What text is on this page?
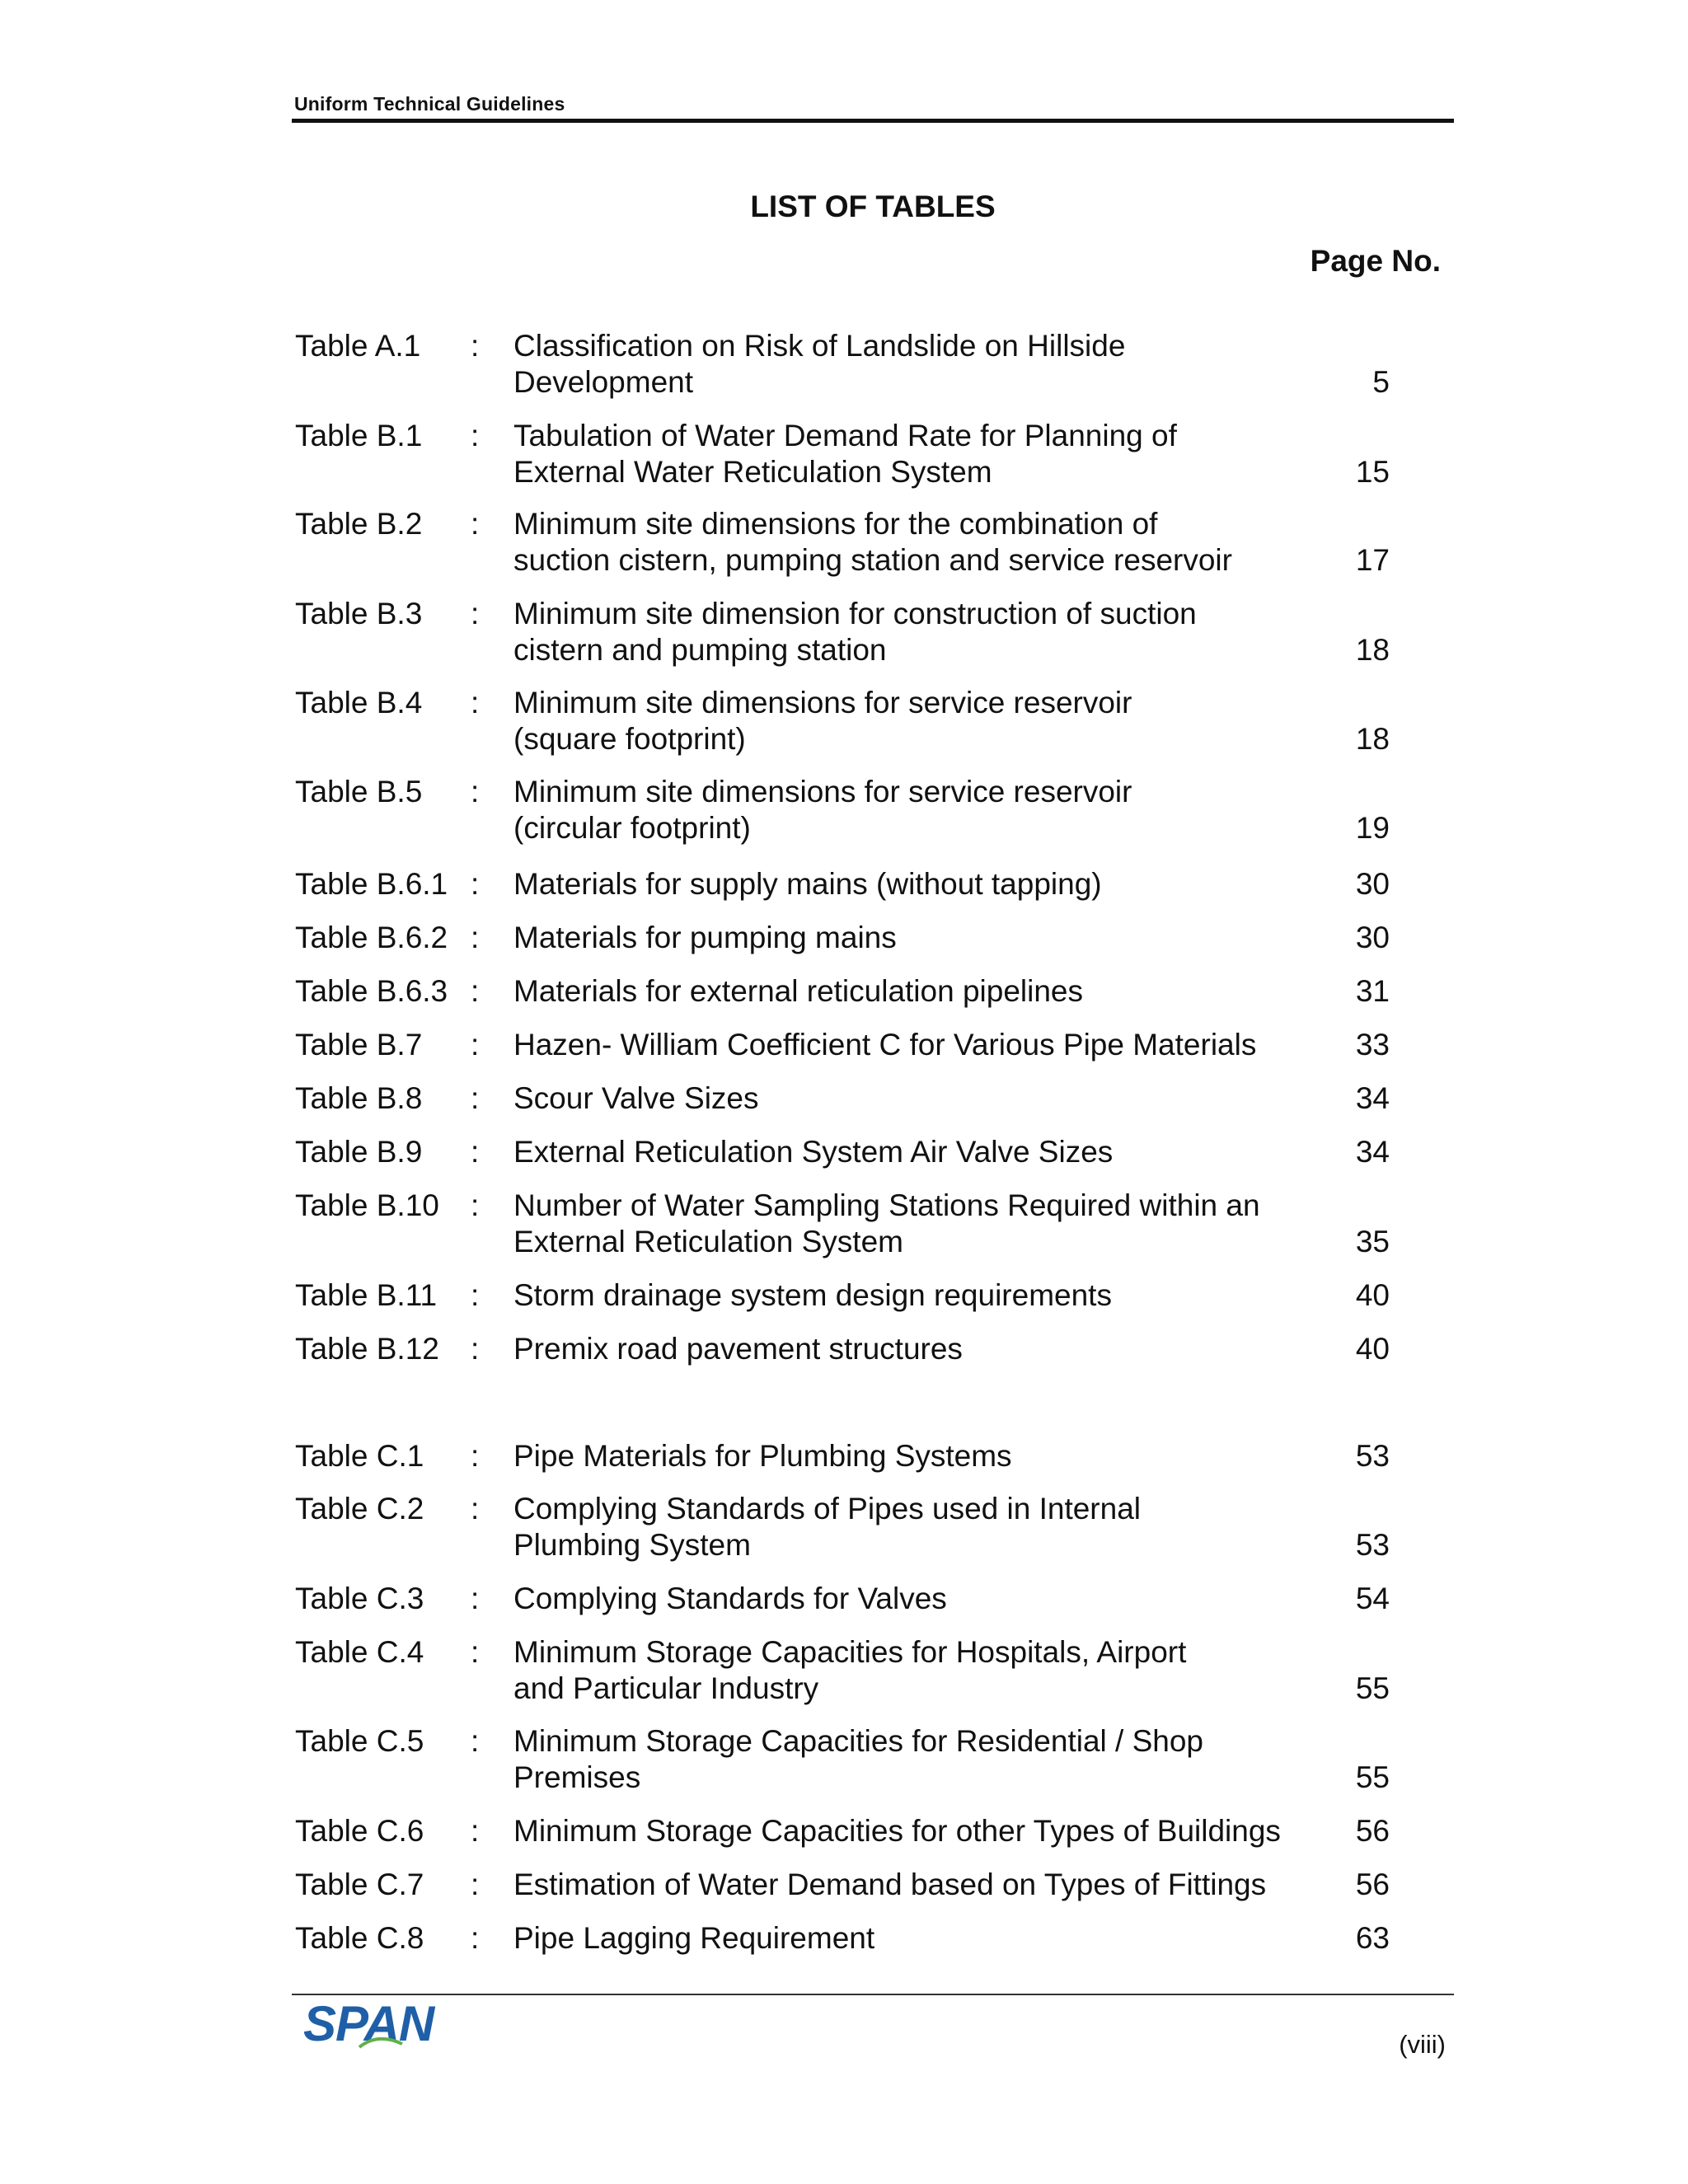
Uniform Technical Guidelines
LIST OF TABLES
Page No.
Table A.1 : Classification on Risk of Landslide on Hillside
Development	5
Table B.1 : Tabulation of Water Demand Rate for Planning of
External Water Reticulation System	15
Table B.2 : Minimum site dimensions for the combination of
suction cistern, pumping station and service reservoir	17
Table B.3 : Minimum site dimension for construction of suction
cistern and pumping station	18
Table B.4 : Minimum site dimensions for service reservoir
(square footprint)	18
Table B.5 : Minimum site dimensions for service reservoir
(circular footprint)	19
Table B.6.1 : Materials for supply mains (without tapping)	30
Table B.6.2 : Materials for pumping mains	30
Table B.6.3 : Materials for external reticulation pipelines	31
Table B.7 : Hazen- William Coefficient C for Various Pipe Materials	33
Table B.8 : Scour Valve Sizes	34
Table B.9 : External Reticulation System Air Valve Sizes	34
Table B.10 : Number of Water Sampling Stations Required within an
External Reticulation System	35
Table B.11 : Storm drainage system design requirements	40
Table B.12 : Premix road pavement structures	40
Table C.1 : Pipe Materials for Plumbing Systems	53
Table C.2 : Complying Standards of Pipes used in Internal
Plumbing System	53
Table C.3 : Complying Standards for Valves	54
Table C.4 : Minimum Storage Capacities for Hospitals, Airport
and Particular Industry	55
Table C.5 : Minimum Storage Capacities for Residential / Shop
Premises	55
Table C.6 : Minimum Storage Capacities for other Types of Buildings	56
Table C.7 : Estimation of Water Demand based on Types of Fittings	56
Table C.8 : Pipe Lagging Requirement	63
SPAN	(viii)
